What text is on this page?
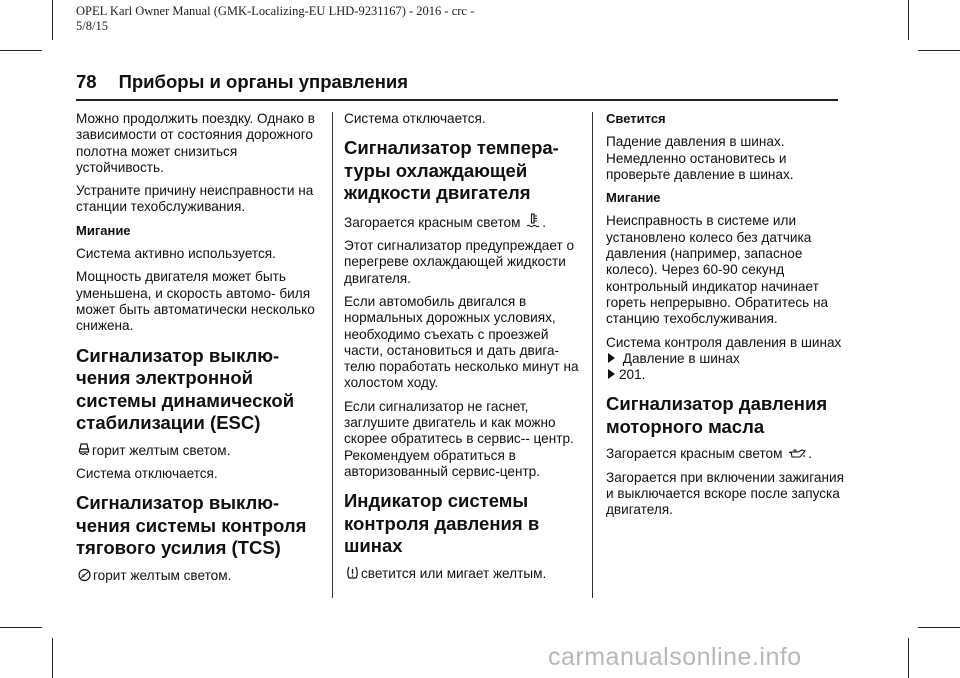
OPEL Karl Owner Manual (GMK-Localizing-EU LHD-9231167) - 2016 - crc -
5/8/15
78 Приборы и органы управления

Можно продолжить поездку. Однако в зависимости от состояния дорожного полотна может снизиться устойчивость.

Устраните причину неисправности на станции техобслуживания.

Мигание

Система активно используется.

Мощность двигателя может быть уменьшена, и скорость автомо- биля может быть автоматически несколько снижена.

Сигнализатор выклю- чения электронной системы динамической стабилизации (ESC)

горит желтым светом.

Система отключается.

Сигнализатор выклю- чения системы контроля тягового усилия (TCS)

o горит желтым светом.

Система отключается.

Сигнализатор темпера- туры охлаждающей жидкости двигателя

Загорается красным светом .

Этот сигнализатор предупреждает о перегреве охлаждающей жидкости двигателя.

Если автомобиль двигался в нормальных дорожных условиях, необходимо съехать с проезжей части, остановиться и дать двига- телю поработать несколько минут на холостом ходу.

Если сигнализатор не гаснет, заглушите двигатель и как можно скорее обратитесь в сервис-- центр. Рекомендуем обратиться в авторизованный сервис-центр.

Индикатор системы контроля давления в шинах

светится или мигает желтым.

Светится

Падение давления в шинах. Немедленно остановитесь и проверьте давление в шинах.

Мигание

Неисправность в системе или установлено колесо без датчика давления (например, запасное колесо). Через 60-90 секунд контрольный индикатор начинает гореть непрерывно. Обратитесь на станцию техобслуживания.

Система контроля давления в шинах Давление в шинах
201.

Сигнализатор давления моторного масла

Загорается красным светом .

Загорается при включении зажигания и выключается вскоре после запуска двигателя.

carmanualsonline.info
